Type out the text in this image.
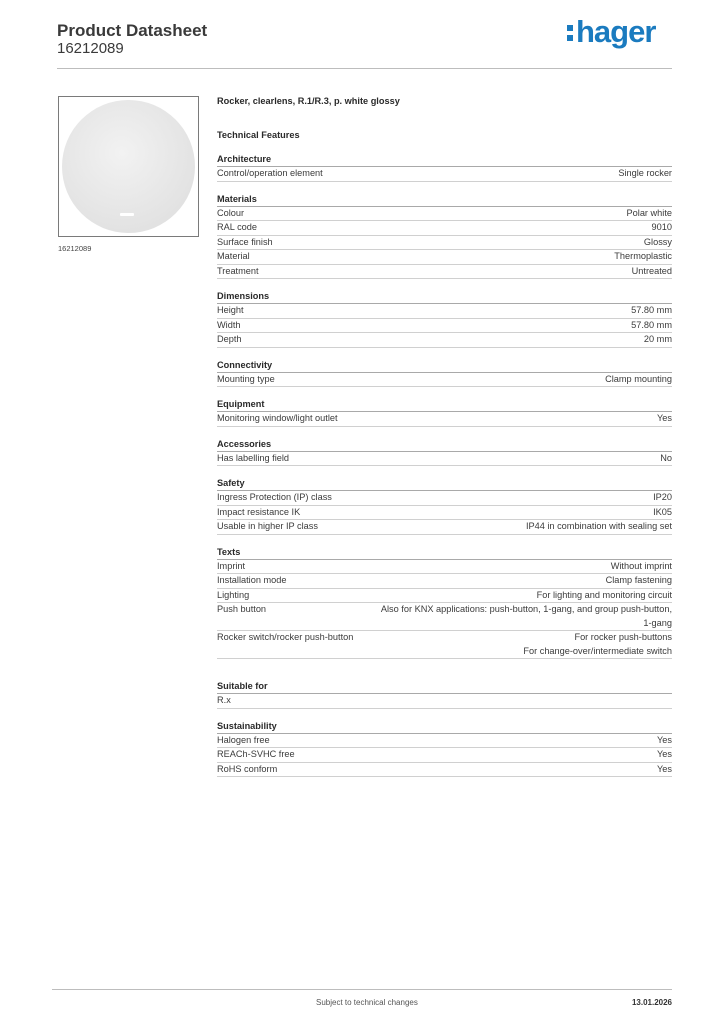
Product Datasheet
16212089	hager
16212089
Rocker, clearlens, R.1/R.3, p. white glossy
Technical Features
Architecture
Control/operation element	Single rocker
Materials
Colour	Polar white
RAL code	9010
Surface finish	Glossy
Material	Thermoplastic
Treatment	Untreated
Dimensions
Height	57.80 mm
Width	57.80 mm
Depth	20 mm
Connectivity
Mounting type	Clamp mounting
Equipment
Monitoring window/light outlet	Yes
Accessories
Has labelling field	No
Safety
Ingress Protection (IP) class	IP20
Impact resistance IK	IK05
Usable in higher IP class	IP44 in combination with sealing set
Texts
Imprint	Without imprint
Installation mode	Clamp fastening
Lighting	For lighting and monitoring circuit
Push button	Also for KNX applications: push-button, 1-gang, and group push-button,
1-gang
Rocker switch/rocker push-button	For rocker push-buttons
For change-over/intermediate switch
Suitable for
R.x
Sustainability
Halogen free	Yes
REACh-SVHC free	Yes
RoHS conform	Yes
Subject to technical changes	13.01.2026
